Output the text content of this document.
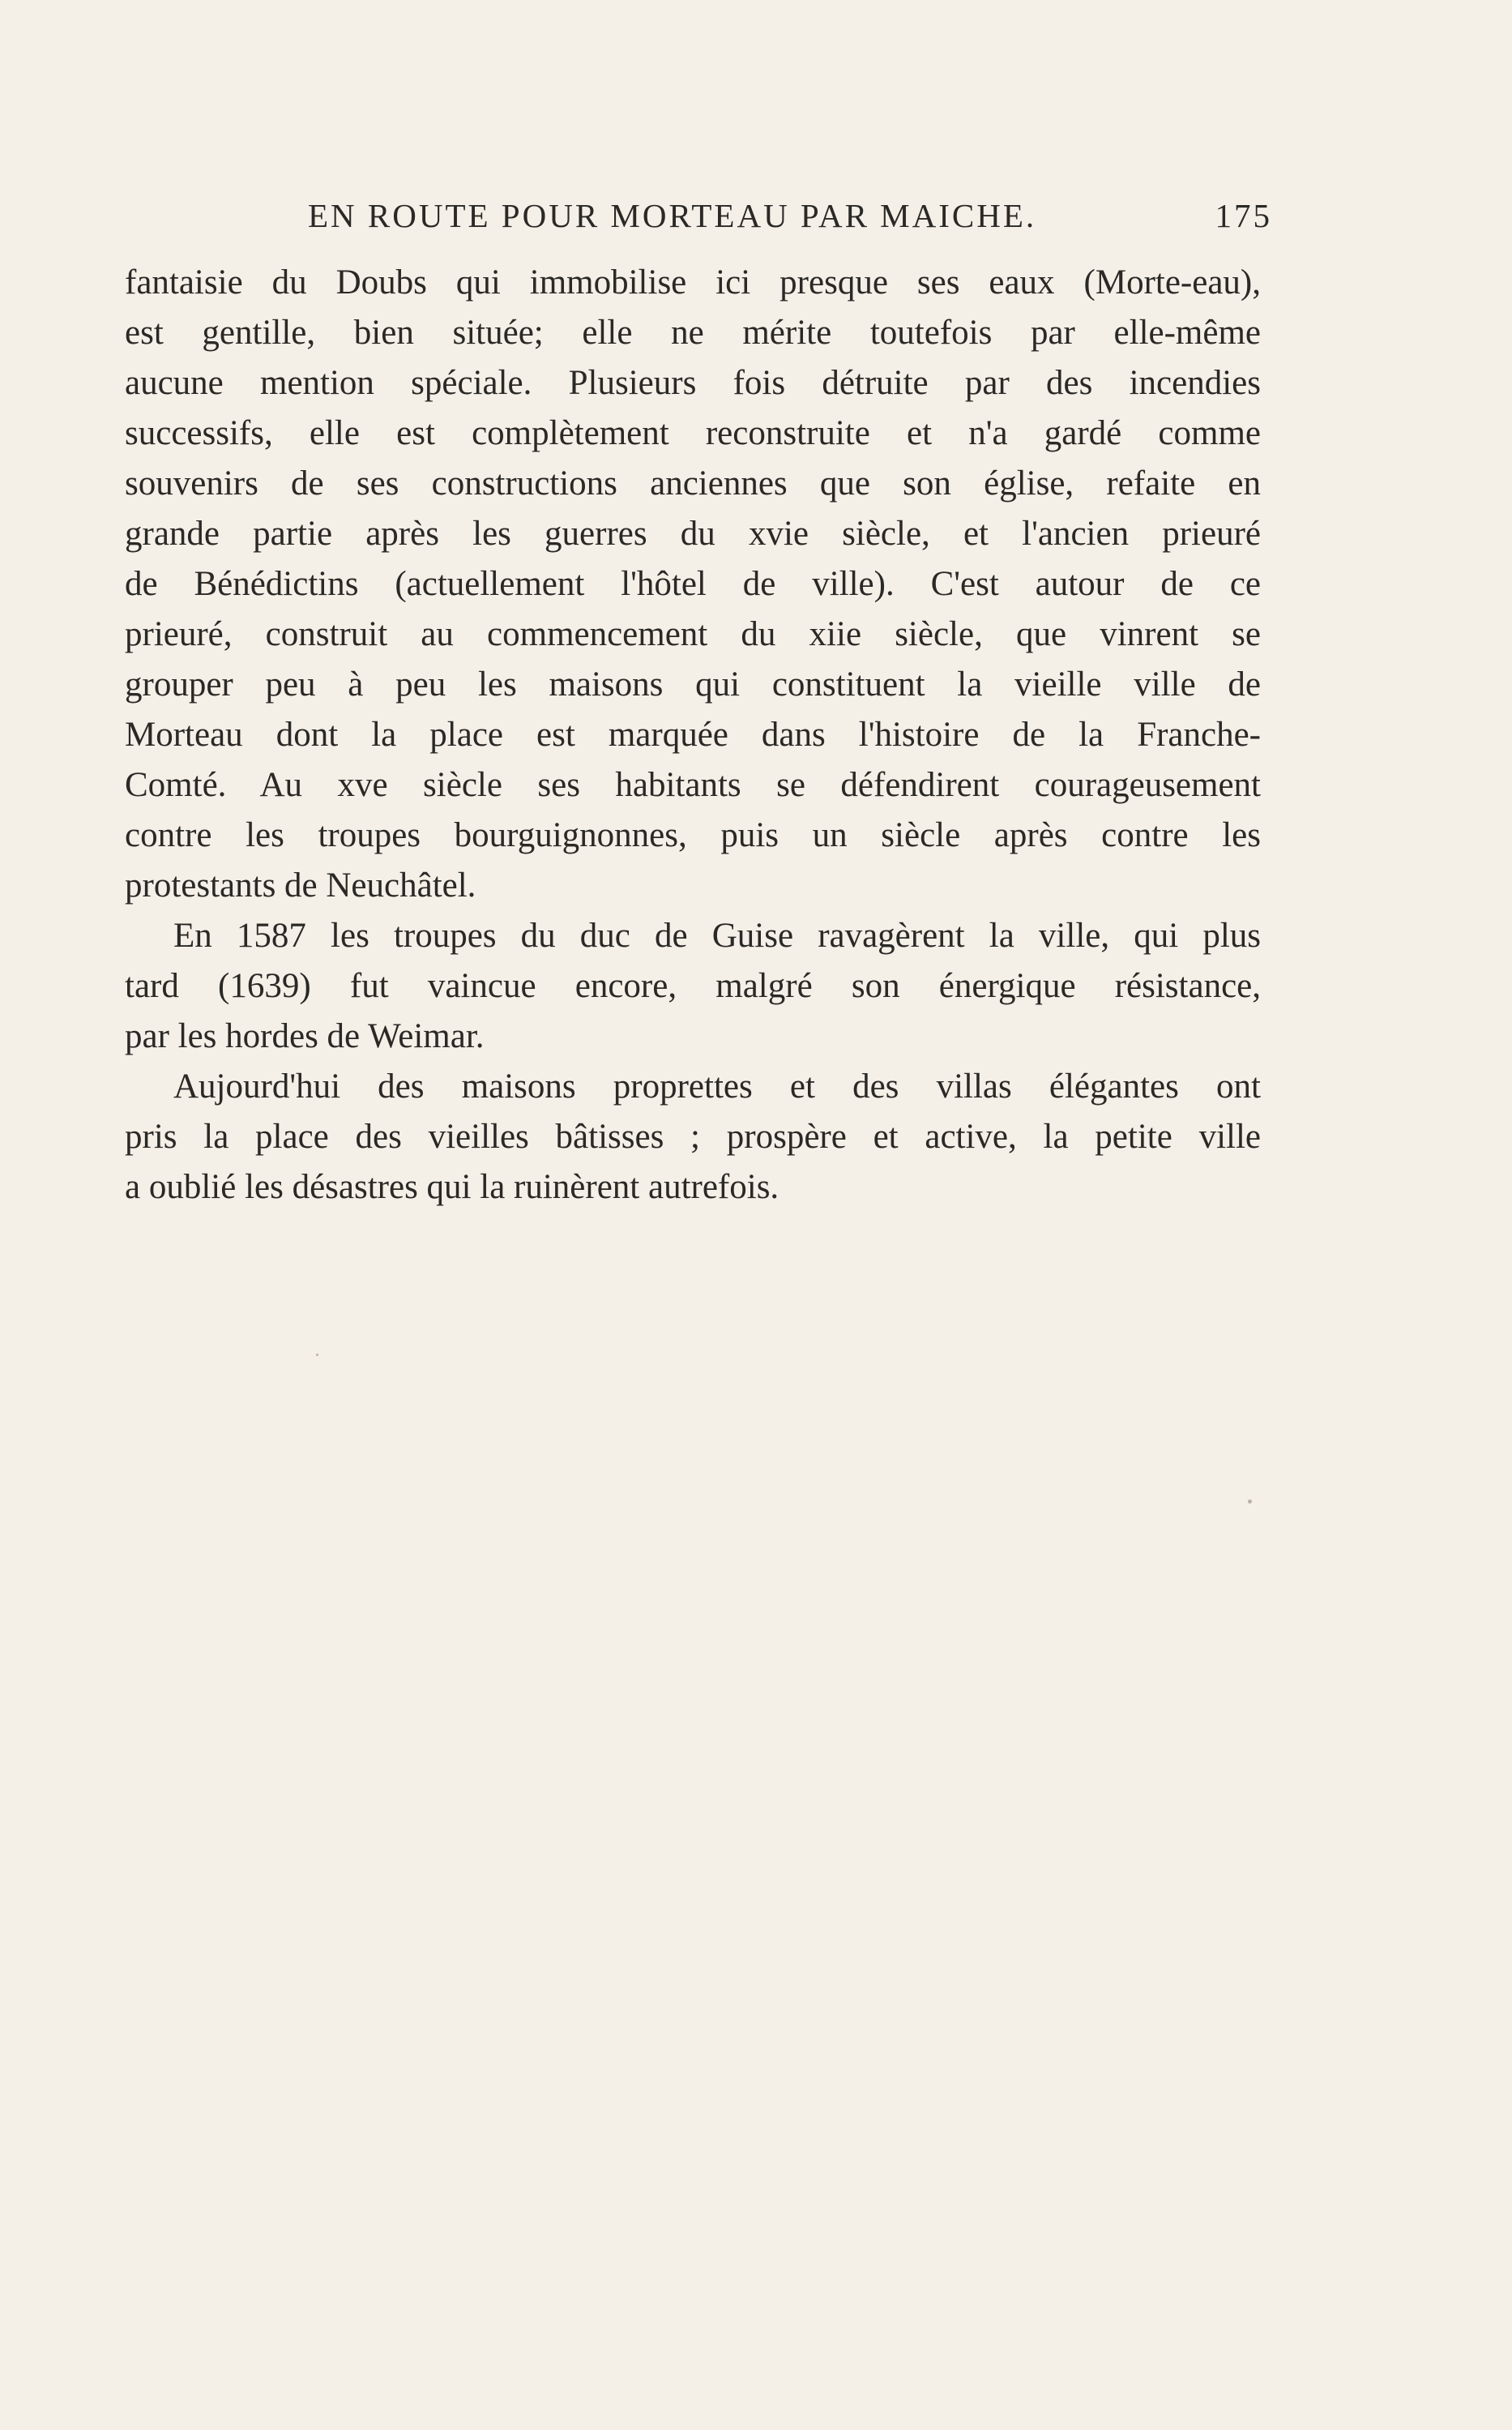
EN ROUTE POUR MORTEAU PAR MAICHE.	175
fantaisie du Doubs qui immobilise ici presque ses eaux (Morte-eau),
est gentille, bien située; elle ne mérite toutefois par elle-même
aucune mention spéciale. Plusieurs fois détruite par des incendies
successifs, elle est complètement reconstruite et n'a gardé comme
souvenirs de ses constructions anciennes que son église, refaite en
grande partie après les guerres du xvie siècle, et l'ancien prieuré
de Bénédictins (actuellement l'hôtel de ville). C'est autour de ce
prieuré, construit au commencement du xiie siècle, que vinrent se
grouper peu à peu les maisons qui constituent la vieille ville de
Morteau dont la place est marquée dans l'histoire de la Franche-
Comté. Au xve siècle ses habitants se défendirent courageusement
contre les troupes bourguignonnes, puis un siècle après contre les
protestants de Neuchâtel.
En 1587 les troupes du duc de Guise ravagèrent la ville, qui plus
tard (1639) fut vaincue encore, malgré son énergique résistance,
par les hordes de Weimar.
Aujourd'hui des maisons proprettes et des villas élégantes ont
pris la place des vieilles bâtisses ; prospère et active, la petite ville
a oublié les désastres qui la ruinèrent autrefois.
